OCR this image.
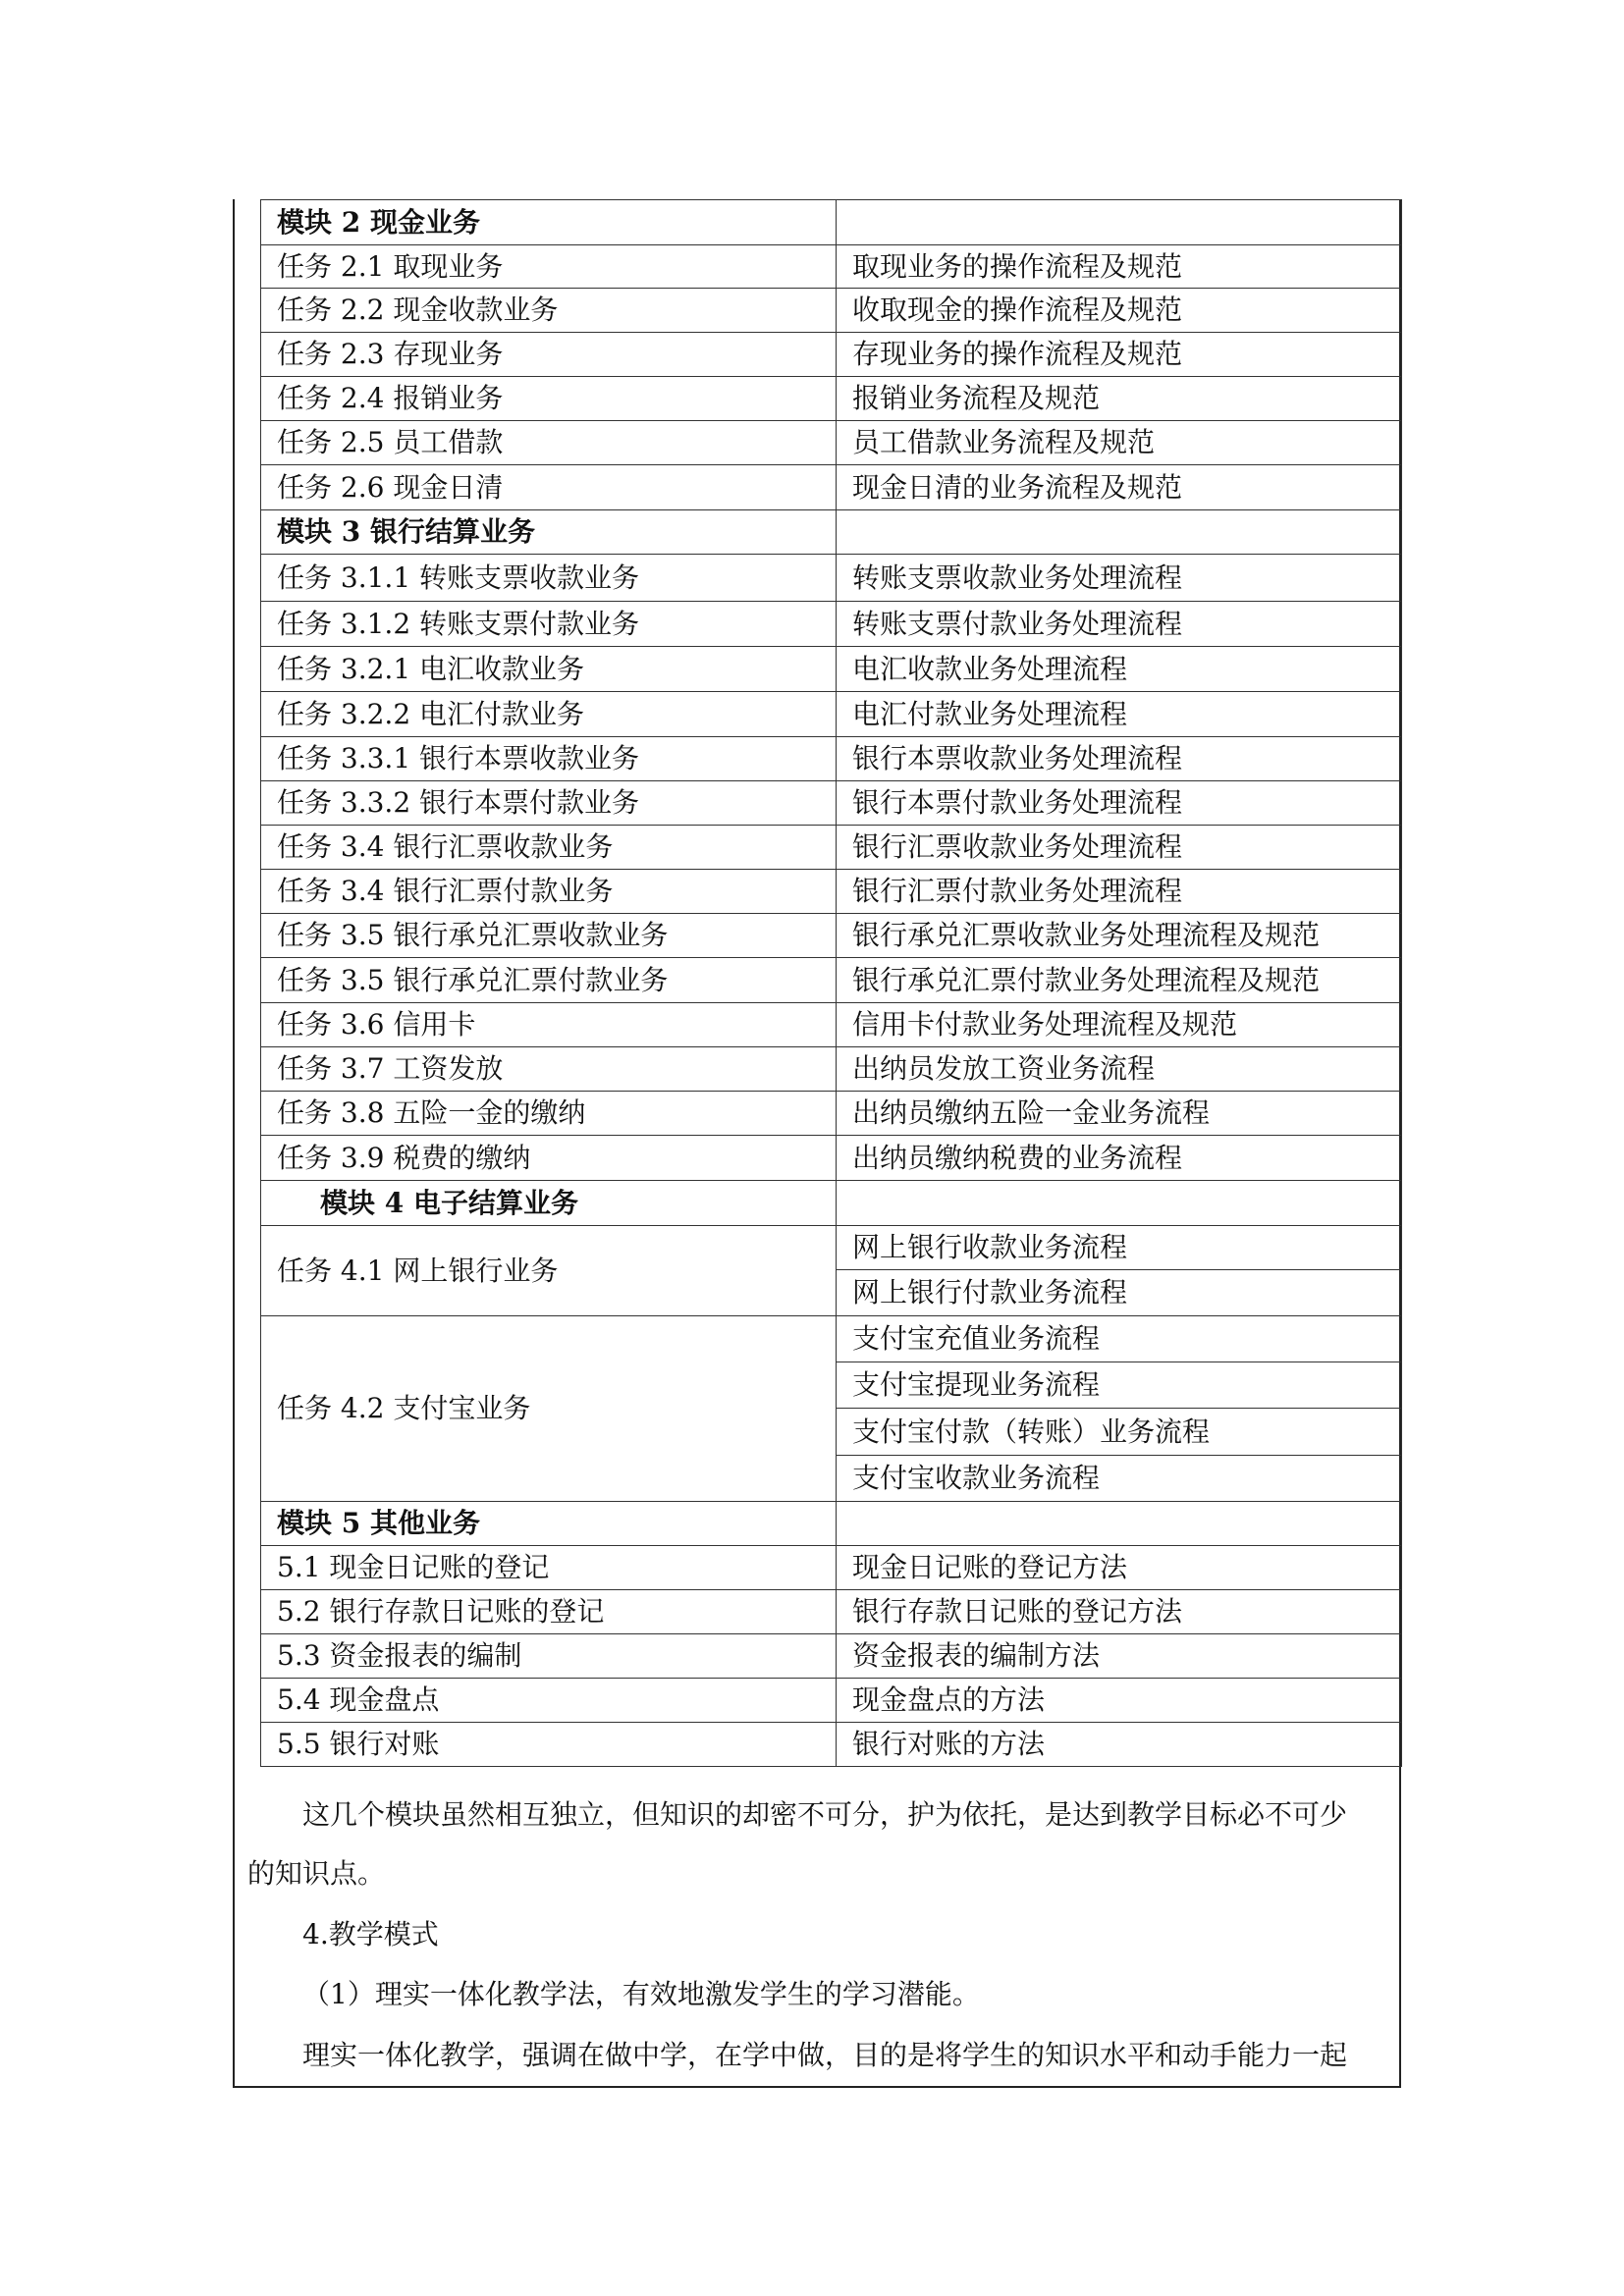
模块 2 现金业务	
任务 2.1 取现业务	取现业务的操作流程及规范
任务 2.2 现金收款业务	收取现金的操作流程及规范
任务 2.3 存现业务	存现业务的操作流程及规范
任务 2.4 报销业务	报销业务流程及规范
任务 2.5 员工借款	员工借款业务流程及规范
任务 2.6 现金日清	现金日清的业务流程及规范
模块 3 银行结算业务	
任务 3.1.1 转账支票收款业务	转账支票收款业务处理流程
任务 3.1.2 转账支票付款业务	转账支票付款业务处理流程
任务 3.2.1 电汇收款业务	电汇收款业务处理流程
任务 3.2.2 电汇付款业务	电汇付款业务处理流程
任务 3.3.1 银行本票收款业务	银行本票收款业务处理流程
任务 3.3.2 银行本票付款业务	银行本票付款业务处理流程
任务 3.4 银行汇票收款业务	银行汇票收款业务处理流程
任务 3.4 银行汇票付款业务	银行汇票付款业务处理流程
任务 3.5 银行承兑汇票收款业务	银行承兑汇票收款业务处理流程及规范
任务 3.5 银行承兑汇票付款业务	银行承兑汇票付款业务处理流程及规范
任务 3.6 信用卡	信用卡付款业务处理流程及规范
任务 3.7 工资发放	出纳员发放工资业务流程
任务 3.8 五险一金的缴纳	出纳员缴纳五险一金业务流程
任务 3.9 税费的缴纳	出纳员缴纳税费的业务流程
模块 4 电子结算业务	
任务 4.1 网上银行业务	网上银行收款业务流程
	网上银行付款业务流程
任务 4.2 支付宝业务	支付宝充值业务流程
	支付宝提现业务流程
	支付宝付款（转账）业务流程
	支付宝收款业务流程
模块 5 其他业务	
5.1 现金日记账的登记	现金日记账的登记方法
5.2 银行存款日记账的登记	银行存款日记账的登记方法
5.3 资金报表的编制	资金报表的编制方法
5.4 现金盘点	现金盘点的方法
5.5 银行对账	银行对账的方法

这几个模块虽然相互独立，但知识的却密不可分，护为依托，是达到教学目标必不可少

的知识点。

4.教学模式

（1）理实一体化教学法，有效地激发学生的学习潜能。

理实一体化教学，强调在做中学，在学中做，目的是将学生的知识水平和动手能力一起
